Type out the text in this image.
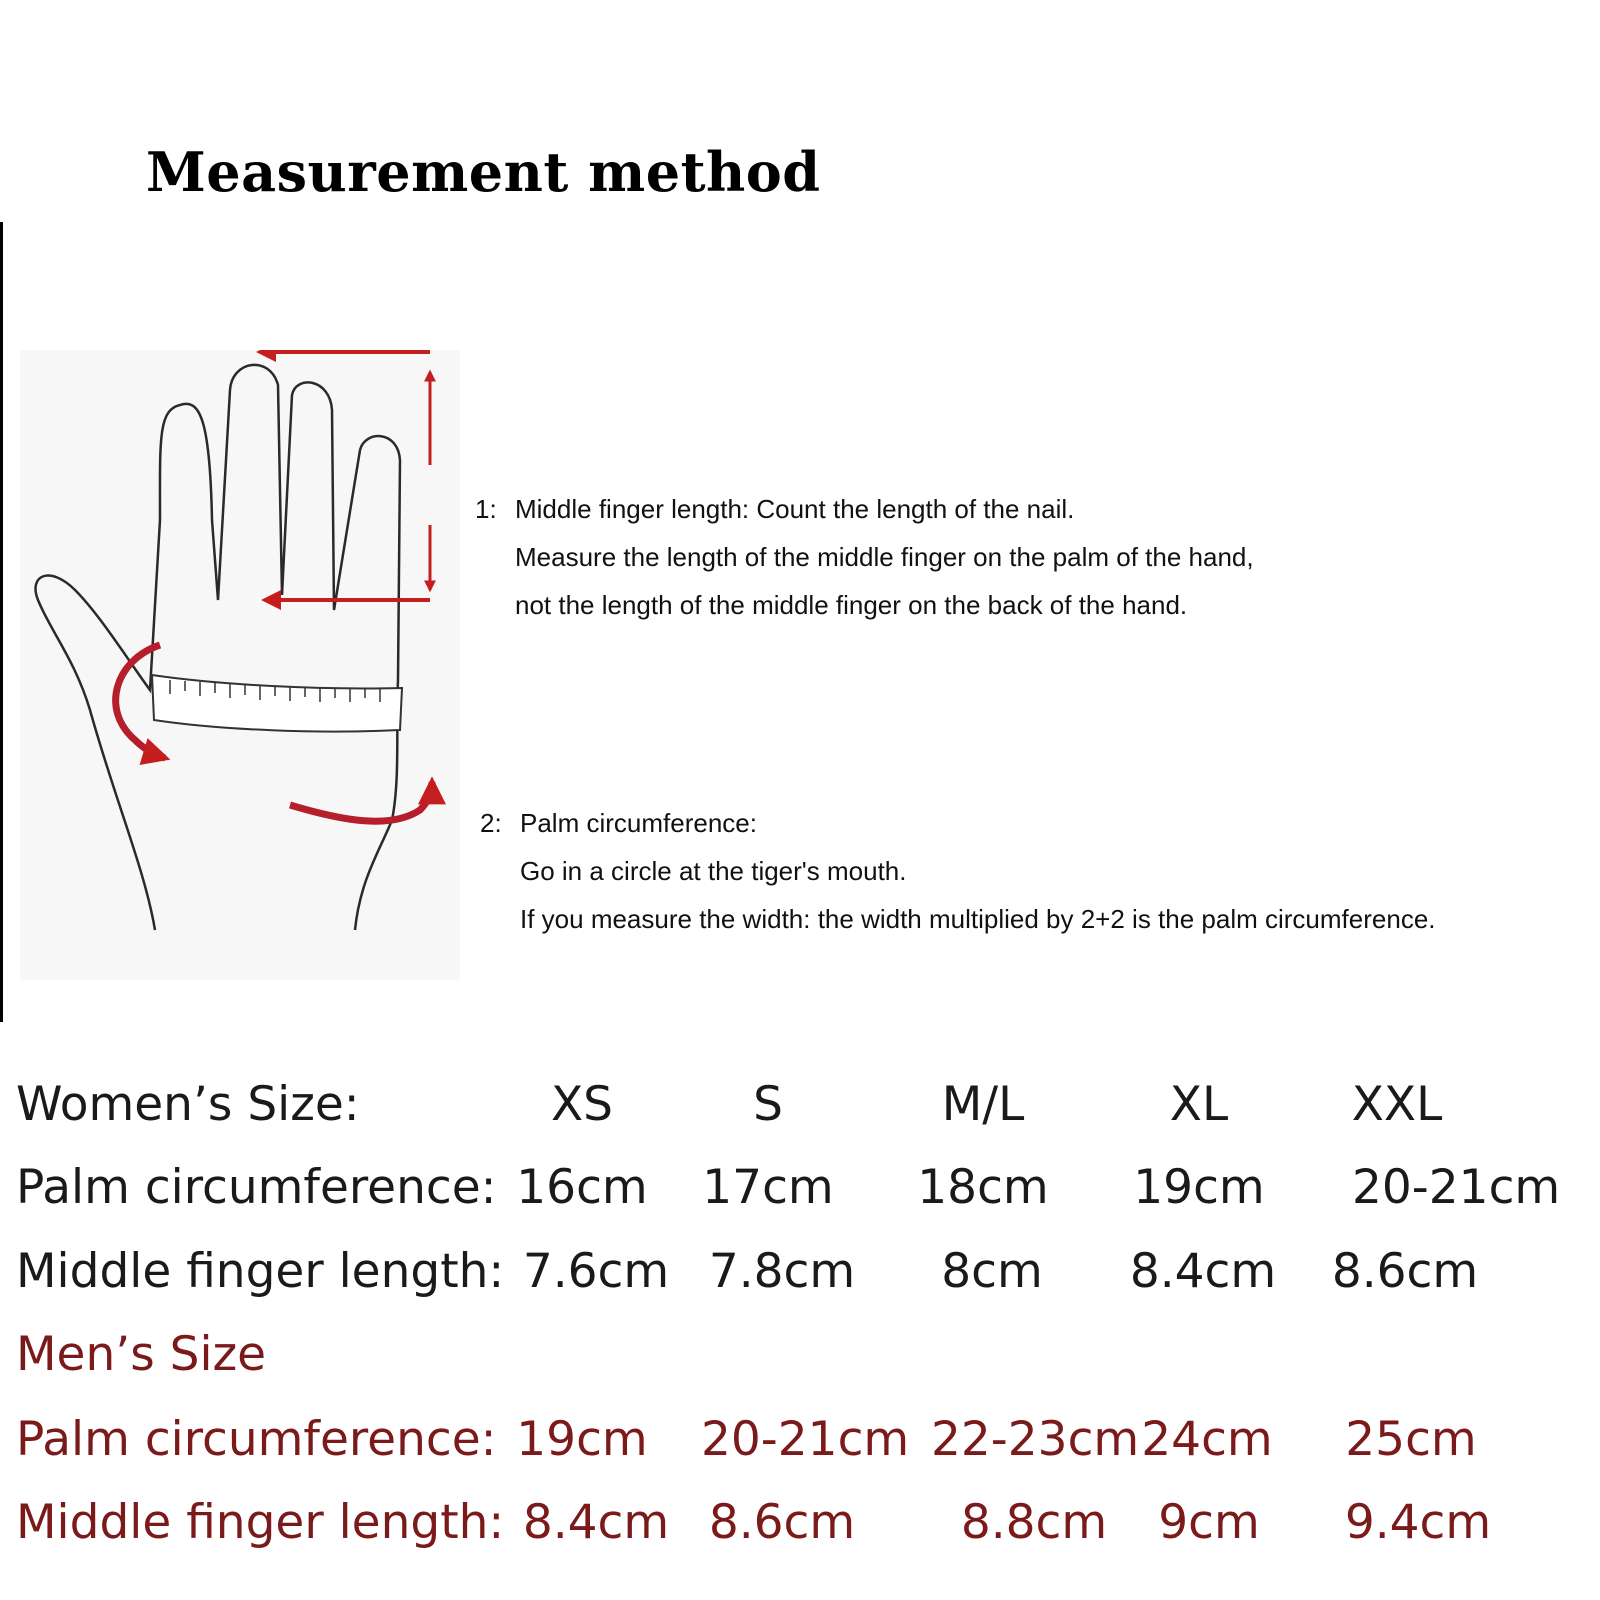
Measurement method
1: Middle finger length: Count the length of the nail.
Measure the length of the middle finger on the palm of the hand,
not the length of the middle finger on the back of the hand.
2: Palm circumference:
Go in a circle at the tiger's mouth.
If you measure the width: the width multiplied by 2+2 is the palm circumference.
Women’s Size:	XS	S	M/L	XL	XXL
Palm circumference: 16cm	17cm	18cm	19cm	20-21cm
Middle finger length: 7.6cm 7.8cm	8cm	8.4cm	8.6cm
Men’s Size
Palm circumference: 19cm	20-21cm 22-23cm 24cm	25cm
Middle finger length: 8.4cm 8.6cm	8.8cm	9cm	9.4cm
